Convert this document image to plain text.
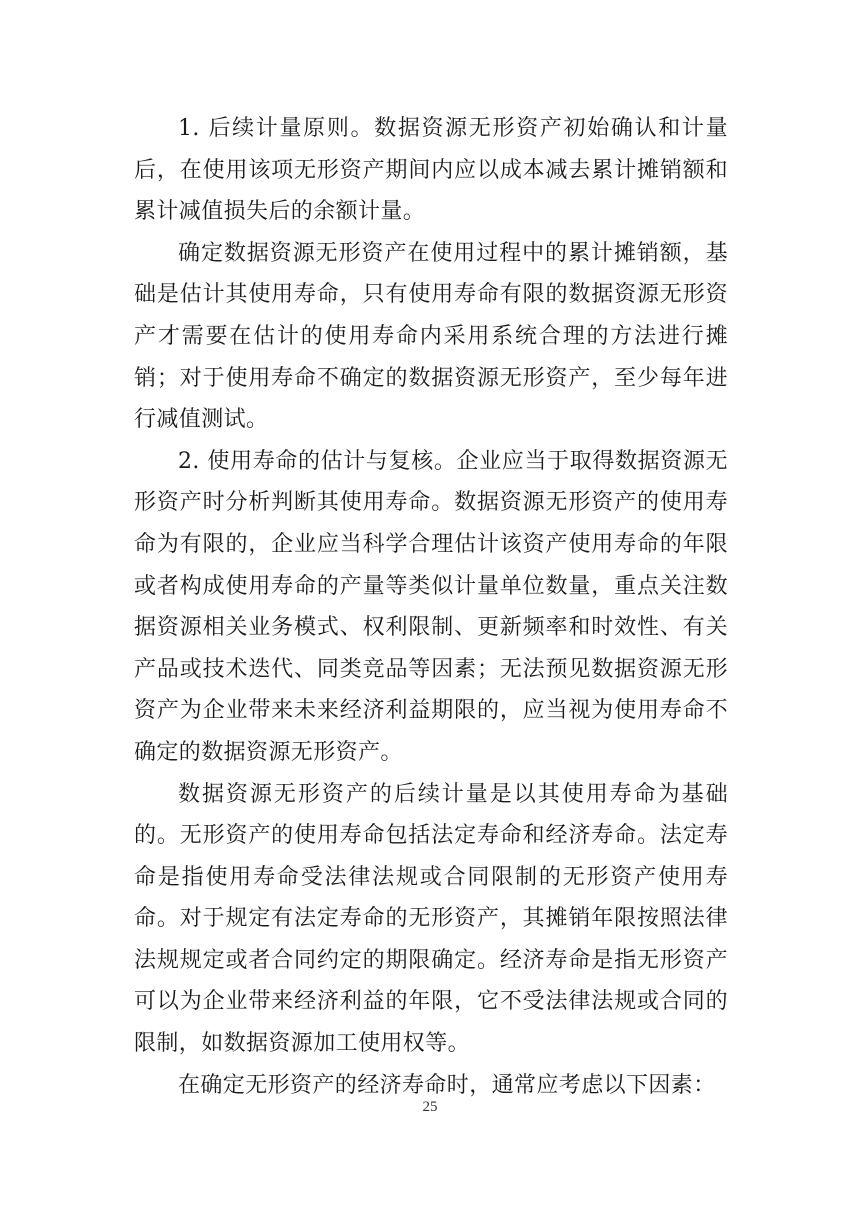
1. 后续计量原则。数据资源无形资产初始确认和计量后，在使用该项无形资产期间内应以成本减去累计摊销额和累计减值损失后的余额计量。

确定数据资源无形资产在使用过程中的累计摊销额，基础是估计其使用寿命，只有使用寿命有限的数据资源无形资产才需要在估计的使用寿命内采用系统合理的方法进行摊销；对于使用寿命不确定的数据资源无形资产，至少每年进行减值测试。

2. 使用寿命的估计与复核。企业应当于取得数据资源无形资产时分析判断其使用寿命。数据资源无形资产的使用寿命为有限的，企业应当科学合理估计该资产使用寿命的年限或者构成使用寿命的产量等类似计量单位数量，重点关注数据资源相关业务模式、权利限制、更新频率和时效性、有关产品或技术迭代、同类竞品等因素；无法预见数据资源无形资产为企业带来未来经济利益期限的，应当视为使用寿命不确定的数据资源无形资产。

数据资源无形资产的后续计量是以其使用寿命为基础的。无形资产的使用寿命包括法定寿命和经济寿命。法定寿命是指使用寿命受法律法规或合同限制的无形资产使用寿命。对于规定有法定寿命的无形资产，其摊销年限按照法律法规规定或者合同约定的期限确定。经济寿命是指无形资产可以为企业带来经济利益的年限，它不受法律法规或合同的限制，如数据资源加工使用权等。

在确定无形资产的经济寿命时，通常应考虑以下因素：

25
